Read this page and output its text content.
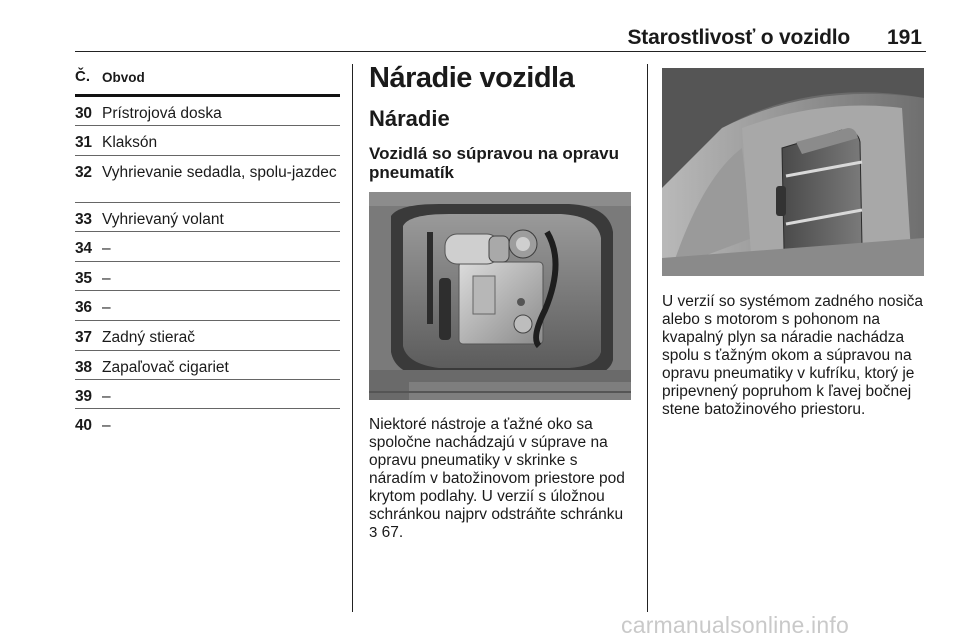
Starostlivosť o vozidlo	191
Č. Obvod
30 Prístrojová doska
31 Klaksón
32 Vyhrievanie sedadla, spolu-jazdec
33 Vyhrievaný volant
34 –
35 –
36 –
37 Zadný stierač
38 Zapaľovač cigariet
39 –
40 –
Náradie vozidla
Náradie
Vozidlá so súpravou na opravu pneumatík
Niektoré nástroje a ťažné oko sa spoločne nachádzajú v súprave na opravu pneumatiky v skrinke s náradím v batožinovom priestore pod krytom podlahy. U verzií s úložnou schránkou najprv odstráňte schránku 3 67.
U verzií so systémom zadného nosiča alebo s motorom s pohonom na kvapalný plyn sa náradie nachádza spolu s ťažným okom a súpravou na opravu pneumatiky v kufríku, ktorý je pripevnený popruhom k ľavej bočnej stene batožinového priestoru.
carmanualsonline.info
